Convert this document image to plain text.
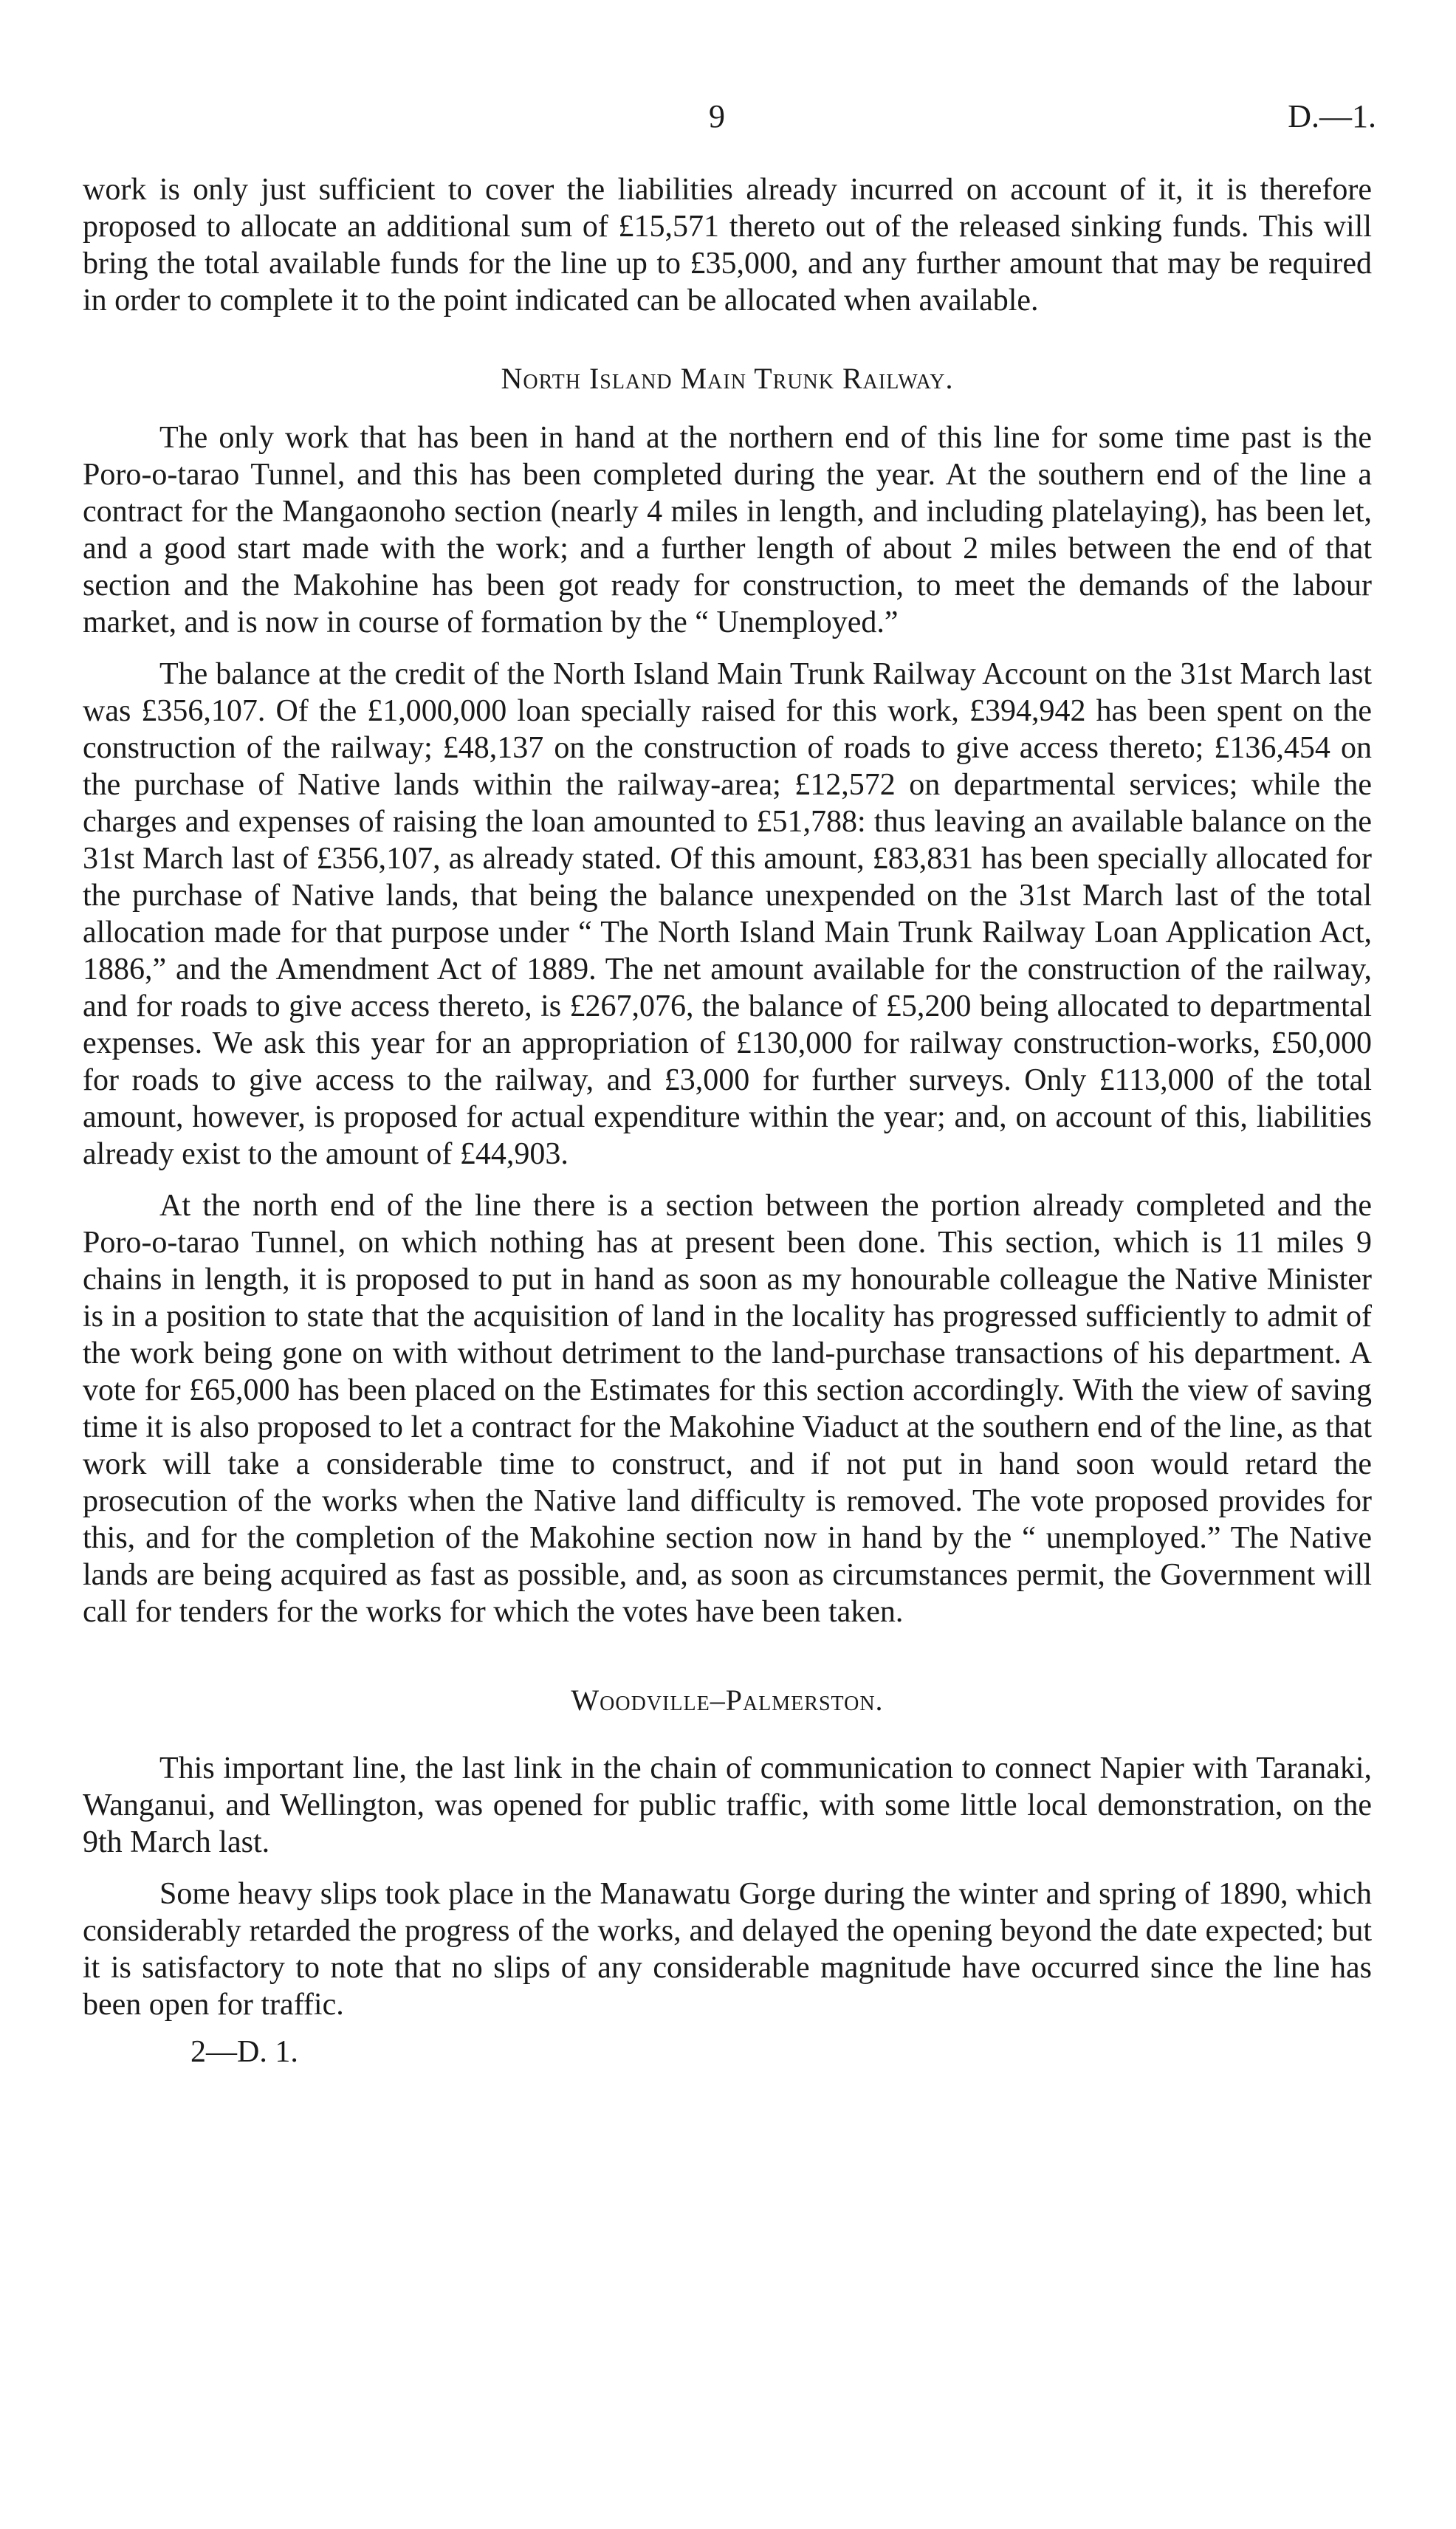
9	D.—1.

work is only just sufficient to cover the liabilities already incurred on account of it, it is therefore proposed to allocate an additional sum of £15,571 thereto out of the released sinking funds. This will bring the total available funds for the line up to £35,000, and any further amount that may be required in order to complete it to the point indicated can be allocated when available.

North Island Main Trunk Railway.

The only work that has been in hand at the northern end of this line for some time past is the Poro-o-tarao Tunnel, and this has been completed during the year. At the southern end of the line a contract for the Mangaonoho section (nearly 4 miles in length, and including platelaying), has been let, and a good start made with the work; and a further length of about 2 miles between the end of that section and the Makohine has been got ready for construction, to meet the demands of the labour market, and is now in course of formation by the “ Unemployed.”

The balance at the credit of the North Island Main Trunk Railway Account on the 31st March last was £356,107. Of the £1,000,000 loan specially raised for this work, £394,942 has been spent on the construction of the railway; £48,137 on the construction of roads to give access thereto; £136,454 on the purchase of Native lands within the railway-area; £12,572 on departmental services; while the charges and expenses of raising the loan amounted to £51,788: thus leaving an available balance on the 31st March last of £356,107, as already stated. Of this amount, £83,831 has been specially allocated for the purchase of Native lands, that being the balance unexpended on the 31st March last of the total allocation made for that purpose under “ The North Island Main Trunk Railway Loan Application Act, 1886,” and the Amendment Act of 1889. The net amount available for the construction of the railway, and for roads to give access thereto, is £267,076, the balance of £5,200 being allocated to departmental expenses. We ask this year for an appropriation of £130,000 for railway construction-works, £50,000 for roads to give access to the railway, and £3,000 for further surveys. Only £113,000 of the total amount, however, is proposed for actual expenditure within the year; and, on account of this, liabilities already exist to the amount of £44,903.

At the north end of the line there is a section between the portion already completed and the Poro-o-tarao Tunnel, on which nothing has at present been done. This section, which is 11 miles 9 chains in length, it is proposed to put in hand as soon as my honourable colleague the Native Minister is in a position to state that the acquisition of land in the locality has progressed sufficiently to admit of the work being gone on with without detriment to the land-purchase transactions of his department. A vote for £65,000 has been placed on the Estimates for this section accordingly. With the view of saving time it is also proposed to let a contract for the Makohine Viaduct at the southern end of the line, as that work will take a considerable time to construct, and if not put in hand soon would retard the prosecution of the works when the Native land difficulty is removed. The vote proposed provides for this, and for the completion of the Makohine section now in hand by the “ unemployed.” The Native lands are being acquired as fast as possible, and, as soon as circumstances permit, the Government will call for tenders for the works for which the votes have been taken.

Woodville–Palmerston.

This important line, the last link in the chain of communication to connect Napier with Taranaki, Wanganui, and Wellington, was opened for public traffic, with some little local demonstration, on the 9th March last.

Some heavy slips took place in the Manawatu Gorge during the winter and spring of 1890, which considerably retarded the progress of the works, and delayed the opening beyond the date expected; but it is satisfactory to note that no slips of any considerable magnitude have occurred since the line has been open for traffic.

2—D. 1.
